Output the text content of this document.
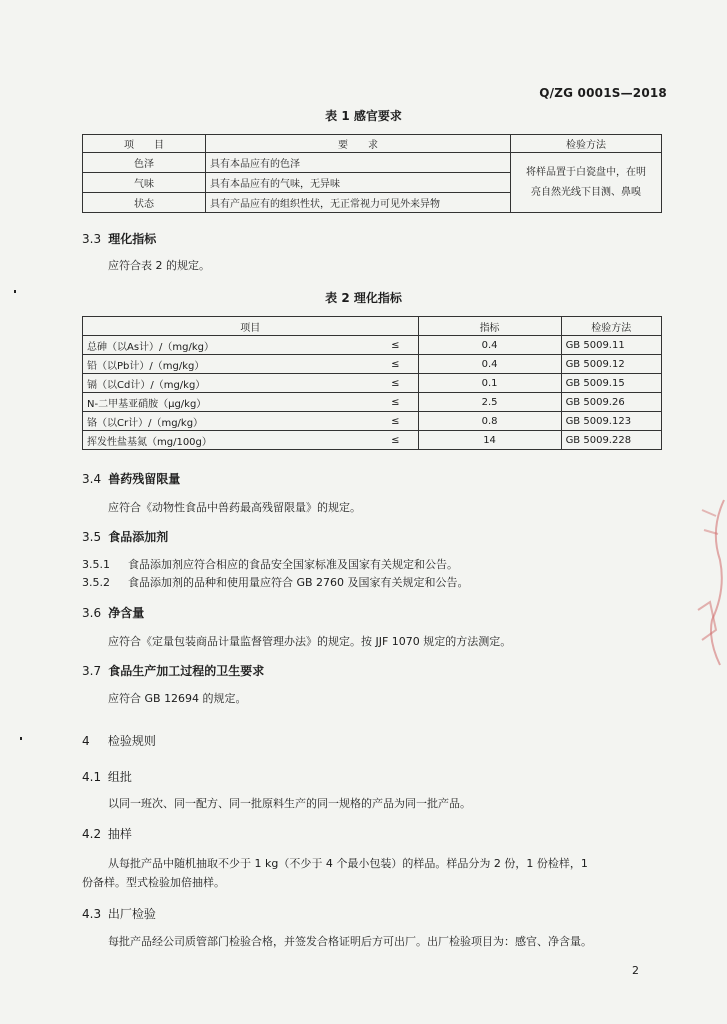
Q/ZG 0001S—2018
表 1 感官要求
项　　目	要　　求	检验方法
色泽	具有本品应有的色泽	将样品置于白瓷盘中，在明
亮自然光线下目测、鼻嗅

气味	具有本品应有的气味，无异味	
状态	具有产品应有的组织性状，无正常视力可见外来异物	
3.3 理化指标
应符合表 2 的规定。
表 2 理化指标
项目		指标	检验方法
总砷（以As计）/（mg/kg）	≤	0.4	GB 5009.11
铅（以Pb计）/（mg/kg）	≤	0.4	GB 5009.12
镉（以Cd计）/（mg/kg）	≤	0.1	GB 5009.15
N-二甲基亚硝胺（μg/kg）	≤	2.5	GB 5009.26
铬（以Cr计）/（mg/kg）	≤	0.8	GB 5009.123
挥发性盐基氮（mg/100g）	≤	14	GB 5009.228
3.4 兽药残留限量
应符合《动物性食品中兽药最高残留限量》的规定。
3.5 食品添加剂
3.5.1 食品添加剂应符合相应的食品安全国家标准及国家有关规定和公告。
3.5.2 食品添加剂的品种和使用量应符合 GB 2760 及国家有关规定和公告。
3.6 净含量
应符合《定量包装商品计量监督管理办法》的规定。按 JJF 1070 规定的方法测定。
3.7 食品生产加工过程的卫生要求
应符合 GB 12694 的规定。
4 检验规则
4.1 组批
以同一班次、同一配方、同一批原料生产的同一规格的产品为同一批产品。
4.2 抽样
从每批产品中随机抽取不少于 1 kg（不少于 4 个最小包装）的样品。样品分为 2 份，1 份检样，1
份备样。型式检验加倍抽样。
4.3 出厂检验
每批产品经公司质管部门检验合格，并签发合格证明后方可出厂。出厂检验项目为：感官、净含量。
2
